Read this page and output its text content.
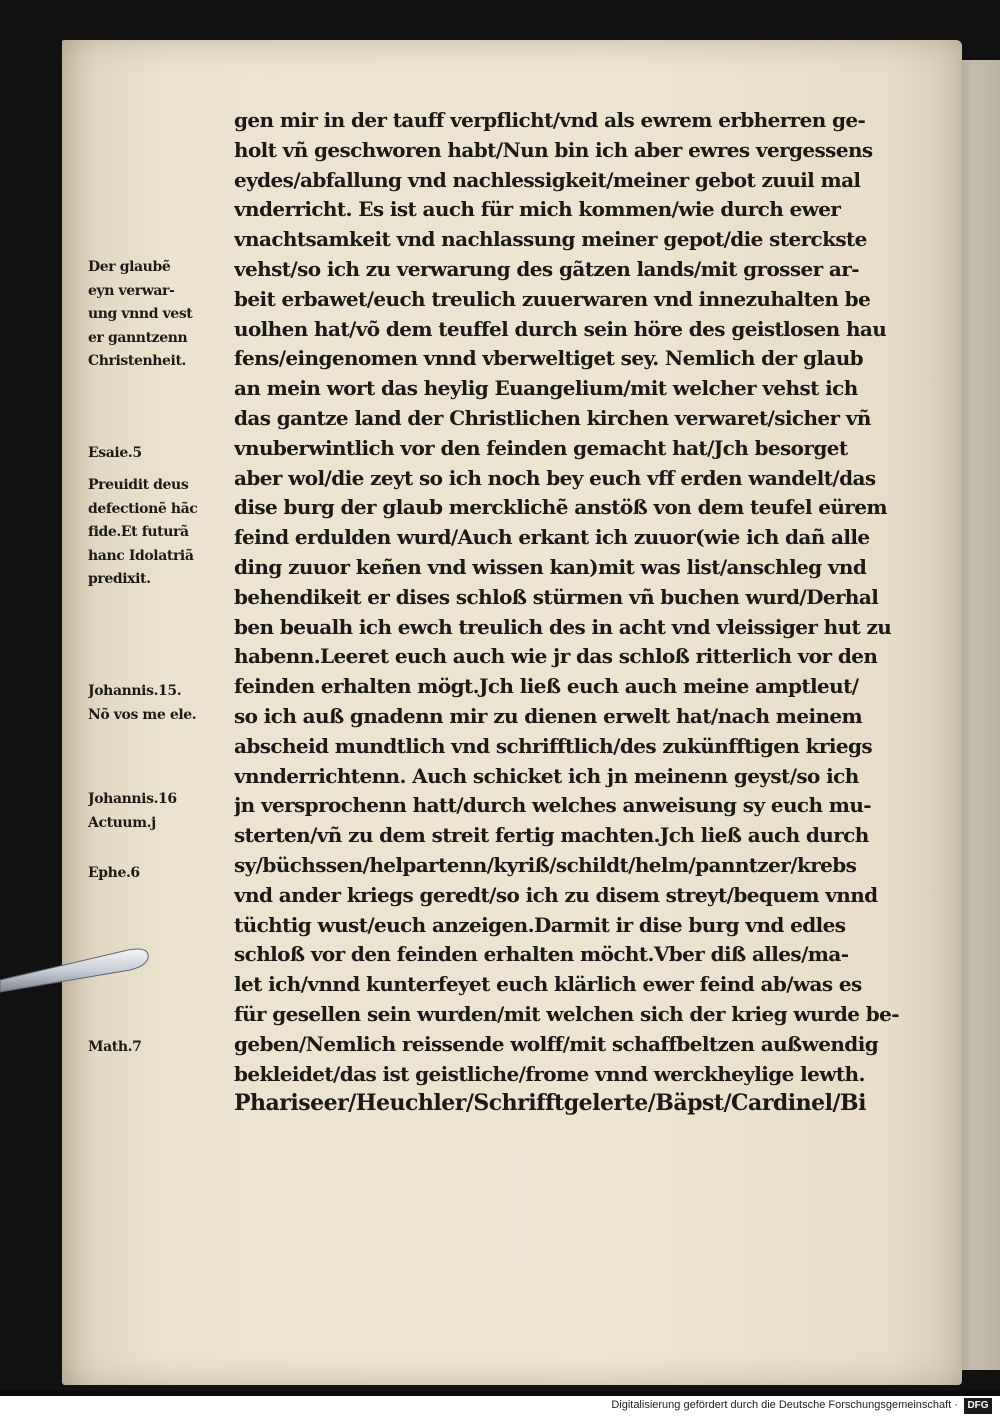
gen mir in der tauff verpflicht/vnd als ewrem erbherren ge-
holt vñ geschworen habt/Nun bin ich aber ewres vergessens
eydes/abfallung vnd nachlessigkeit/meiner gebot zuuil mal
vnderricht. Es ist auch für mich kommen/wie durch ewer
vnachtsamkeit vnd nachlassung meiner gepot/die sterckste
vehst/so ich zu verwarung des gãtzen lands/mit grosser ar-
beit erbawet/euch treulich zuuerwaren vnd innezuhalten be
uolhen hat/võ dem teuffel durch sein höre des geistlosen hau
fens/eingenomen vnnd vberweltiget sey. Nemlich der glaub
an mein wort das heylig Euangelium/mit welcher vehst ich
das gantze land der Christlichen kirchen verwaret/sicher vñ
vnuberwintlich vor den feinden gemacht hat/Jch besorget
aber wol/die zeyt so ich noch bey euch vff erden wandelt/das
dise burg der glaub mercklichẽ anstöß von dem teufel eürem
feind erdulden wurd/Auch erkant ich zuuor(wie ich dañ alle
ding zuuor keñen vnd wissen kan)mit was list/anschleg vnd
behendikeit er dises schloß stürmen vñ buchen wurd/Derhal
ben beualh ich ewch treulich des in acht vnd vleissiger hut zu
habenn.Leeret euch auch wie jr das schloß ritterlich vor den
feinden erhalten mögt.Jch ließ euch auch meine amptleut/
so ich auß gnadenn mir zu dienen erwelt hat/nach meinem
abscheid mundtlich vnd schrifftlich/des zukünfftigen kriegs
vnnderrichtenn. Auch schicket ich jn meinenn geyst/so ich
jn versprochenn hatt/durch welches anweisung sy euch mu-
sterten/vñ zu dem streit fertig machten.Jch ließ auch durch
sy/büchssen/helpartenn/kyriß/schildt/helm/panntzer/krebs
vnd ander kriegs geredt/so ich zu disem streyt/bequem vnnd
tüchtig wust/euch anzeigen.Darmit ir dise burg vnd edles
schloß vor den feinden erhalten möcht.Vber diß alles/ma-
let ich/vnnd kunterfeyet euch klärlich ewer feind ab/was es
für gesellen sein wurden/mit welchen sich der krieg wurde be-
geben/Nemlich reissende wolff/mit schaffbeltzen außwendig
bekleidet/das ist geistliche/frome vnnd werckheylige lewth.
Phariseer/Heuchler/Schrifftgelerte/Bäpst/Cardinel/Bi
Der glaubẽ
eyn verwar-
ung vnnd vest
er ganntzenn
Christenheit.
Esaie.5
Preuidit deus
defectionẽ hãc
fide.Et futurã
hanc Idolatriã
predixit.
Johannis.15.
Nõ vos me ele.
Johannis.16
Actuum.j
Ephe.6
Math.7
Digitalisierung gefördert durch die Deutsche Forschungsgemeinschaft · DFG
